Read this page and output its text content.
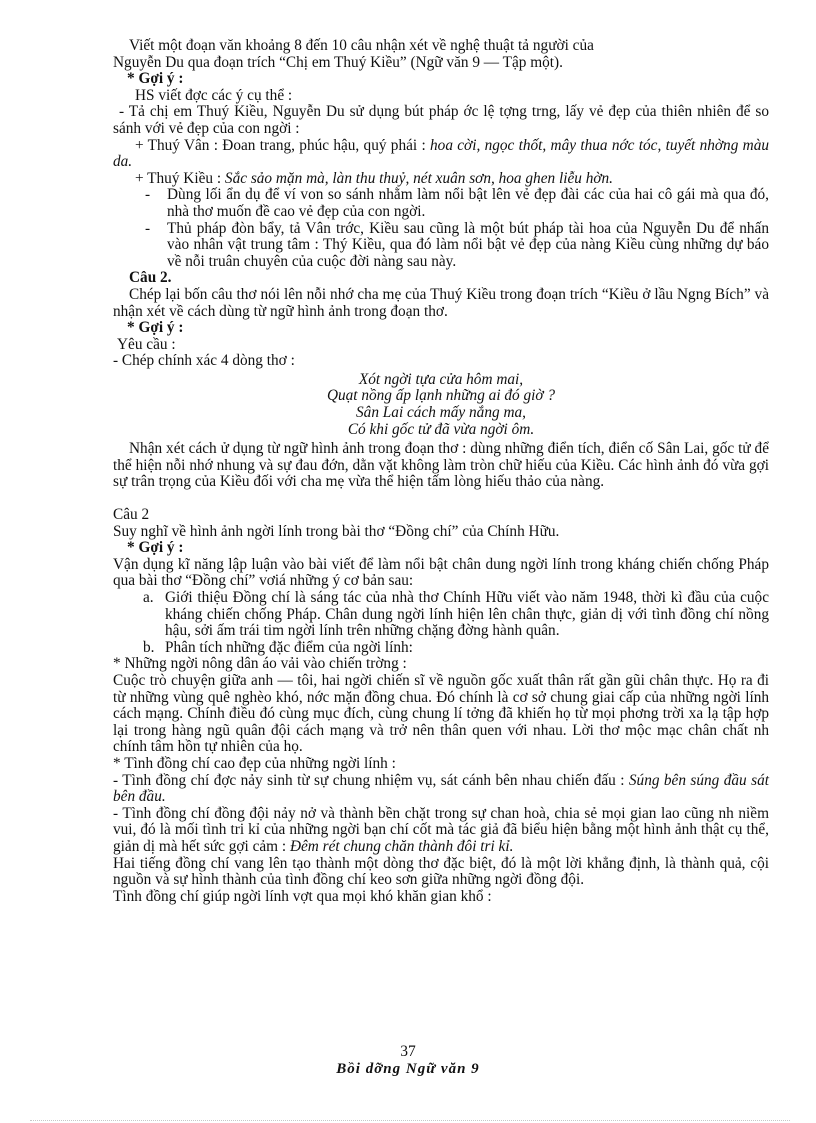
Viết một đoạn văn khoảng 8 đến 10 câu nhận xét về nghệ thuật tả người của

Nguyễn Du qua đoạn trích “Chị em Thuý Kiều” (Ngữ văn 9 — Tập một).

* Gợi ý :

HS viết đợc các ý cụ thể :

- Tả chị em Thuý Kiều, Nguyễn Du sử dụng bút pháp ớc lệ tợng trng, lấy vẻ đẹp của thiên nhiên để so sánh với vẻ đẹp của con ngời :

+ Thuý Vân : Đoan trang, phúc hậu, quý phái : hoa cời, ngọc thốt, mây thua nớc tóc, tuyết nhờng màu da.

+ Thuý Kiều : Sắc sảo mặn mà, làn thu thuỷ, nét xuân sơn, hoa ghen liễu hờn.

- Dùng lối ẩn dụ để ví von so sánh nhằm làm nổi bật lên vẻ đẹp đài các của hai cô gái mà qua đó, nhà thơ muốn đề cao vẻ đẹp của con ngời.

- Thủ pháp đòn bẩy, tả Vân trớc, Kiều sau cũng là một bút pháp tài hoa của Nguyễn Du để nhấn vào nhân vật trung tâm : Thý Kiều, qua đó làm nổi bật vẻ đẹp của nàng Kiều cùng những dự báo về nỗi truân chuyên của cuộc đời nàng sau này.

Câu 2.

Chép lại bốn câu thơ nói lên nỗi nhớ cha mẹ của Thuý Kiều trong đoạn trích “Kiều ở lầu Ngng Bích” và nhận xét về cách dùng từ ngữ hình ảnh trong đoạn thơ.

* Gợi ý :

Yêu cầu :

- Chép chính xác 4 dòng thơ :

Xót ngời tựa cửa hôm mai,

Quạt nồng ấp lạnh những ai đó giờ ?

Sân Lai cách mấy nắng ma,

Có khi gốc tử đã vừa ngời ôm.

Nhận xét cách ử dụng từ ngữ hình ảnh trong đoạn thơ : dùng những điển tích, điển cố Sân Lai, gốc tử để thể hiện nỗi nhớ nhung và sự đau đớn, dằn vặt không làm tròn chữ hiếu của Kiều. Các hình ảnh đó vừa gợi sự trân trọng của Kiều đối với cha mẹ vừa thể hiện tấm lòng hiếu thảo của nàng.

Câu 2

Suy nghĩ về hình ảnh ngời lính trong bài thơ “Đồng chí” của Chính Hữu.

* Gợi ý :

Vận dụng kĩ năng lập luận vào bài viết để làm nổi bật chân dung ngời lính trong kháng chiến chống Pháp qua bài thơ “Đồng chí” vơiá những ý cơ bản sau:

a. Giới thiệu Đồng chí là sáng tác của nhà thơ Chính Hữu viết vào năm 1948, thời kì đầu của cuộc kháng chiến chống Pháp. Chân dung ngời lính hiện lên chân thực, giản dị với tình đồng chí nồng hậu, sởi ấm trái tim ngời lính trên những chặng đờng hành quân.

b. Phân tích những đặc điểm của ngời lính:

* Những ngời nông dân áo vải vào chiến trờng :

Cuộc trò chuyện giữa anh — tôi, hai ngời chiến sĩ về nguồn gốc xuất thân rất gần gũi chân thực. Họ ra đi từ những vùng quê nghèo khó, nớc mặn đồng chua. Đó chính là cơ sở chung giai cấp của những ngời lính cách mạng. Chính điều đó cùng mục đích, cùng chung lí tởng đã khiến họ từ mọi phơng trời xa lạ tập hợp lại trong hàng ngũ quân đội cách mạng và trở nên thân quen với nhau. Lời thơ mộc mạc chân chất nh chính tâm hồn tự nhiên của họ.

* Tình đồng chí cao đẹp của những ngời lính :

- Tình đồng chí đợc nảy sinh từ sự chung nhiệm vụ, sát cánh bên nhau chiến đấu : Súng bên súng đầu sát bên đầu.

- Tình đồng chí đồng đội nảy nở và thành bền chặt trong sự chan hoà, chia sẻ mọi gian lao cũng nh niềm vui, đó là mối tình tri kỉ của những ngời bạn chí cốt mà tác giả đã biểu hiện bằng một hình ảnh thật cụ thể, giản dị mà hết sức gợi cảm : Đêm rét chung chăn thành đôi tri kỉ.

Hai tiếng đồng chí vang lên tạo thành một dòng thơ đặc biệt, đó là một lời khẳng định, là thành quả, cội nguồn và sự hình thành của tình đồng chí keo sơn giữa những ngời đồng đội.

Tình đồng chí giúp ngời lính vợt qua mọi khó khăn gian khổ :

37
Bồi dỡng Ngữ văn 9
